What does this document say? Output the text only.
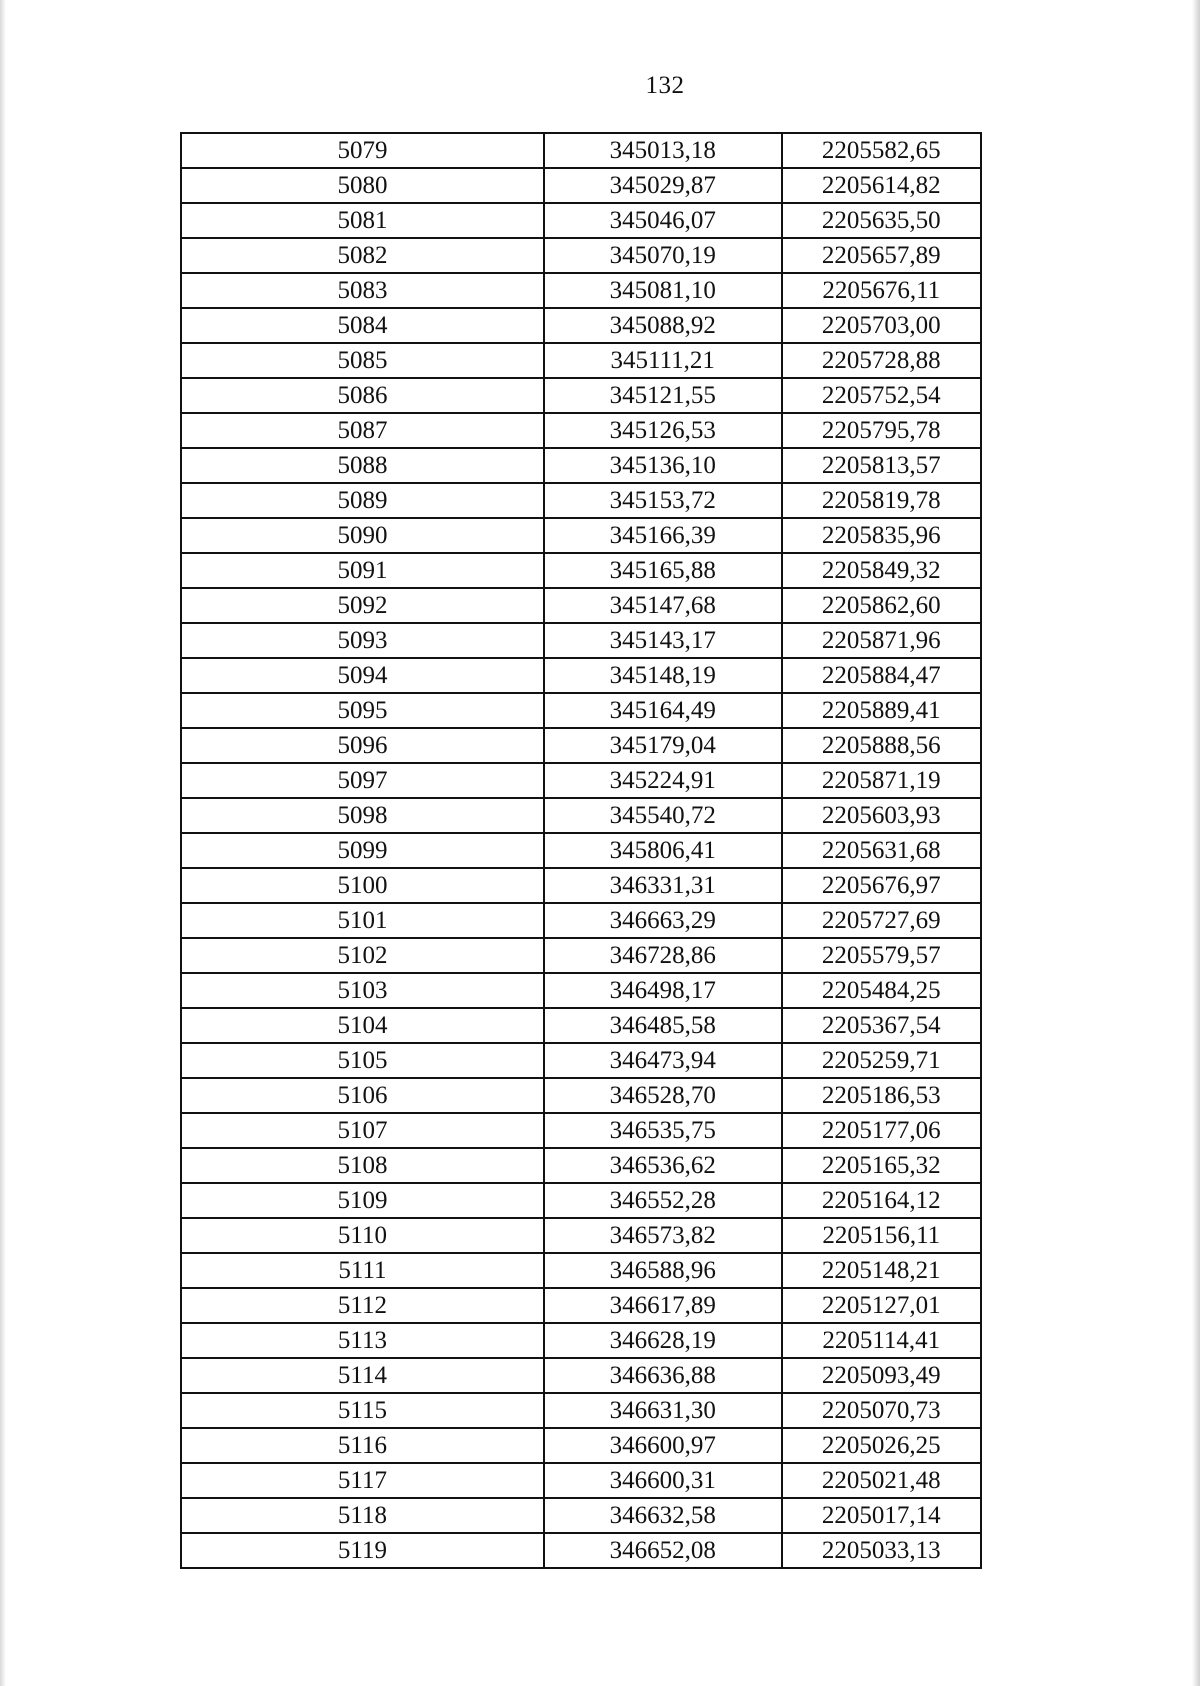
132
5079	345013,18	2205582,65
5080	345029,87	2205614,82
5081	345046,07	2205635,50
5082	345070,19	2205657,89
5083	345081,10	2205676,11
5084	345088,92	2205703,00
5085	345111,21	2205728,88
5086	345121,55	2205752,54
5087	345126,53	2205795,78
5088	345136,10	2205813,57
5089	345153,72	2205819,78
5090	345166,39	2205835,96
5091	345165,88	2205849,32
5092	345147,68	2205862,60
5093	345143,17	2205871,96
5094	345148,19	2205884,47
5095	345164,49	2205889,41
5096	345179,04	2205888,56
5097	345224,91	2205871,19
5098	345540,72	2205603,93
5099	345806,41	2205631,68
5100	346331,31	2205676,97
5101	346663,29	2205727,69
5102	346728,86	2205579,57
5103	346498,17	2205484,25
5104	346485,58	2205367,54
5105	346473,94	2205259,71
5106	346528,70	2205186,53
5107	346535,75	2205177,06
5108	346536,62	2205165,32
5109	346552,28	2205164,12
5110	346573,82	2205156,11
5111	346588,96	2205148,21
5112	346617,89	2205127,01
5113	346628,19	2205114,41
5114	346636,88	2205093,49
5115	346631,30	2205070,73
5116	346600,97	2205026,25
5117	346600,31	2205021,48
5118	346632,58	2205017,14
5119	346652,08	2205033,13
